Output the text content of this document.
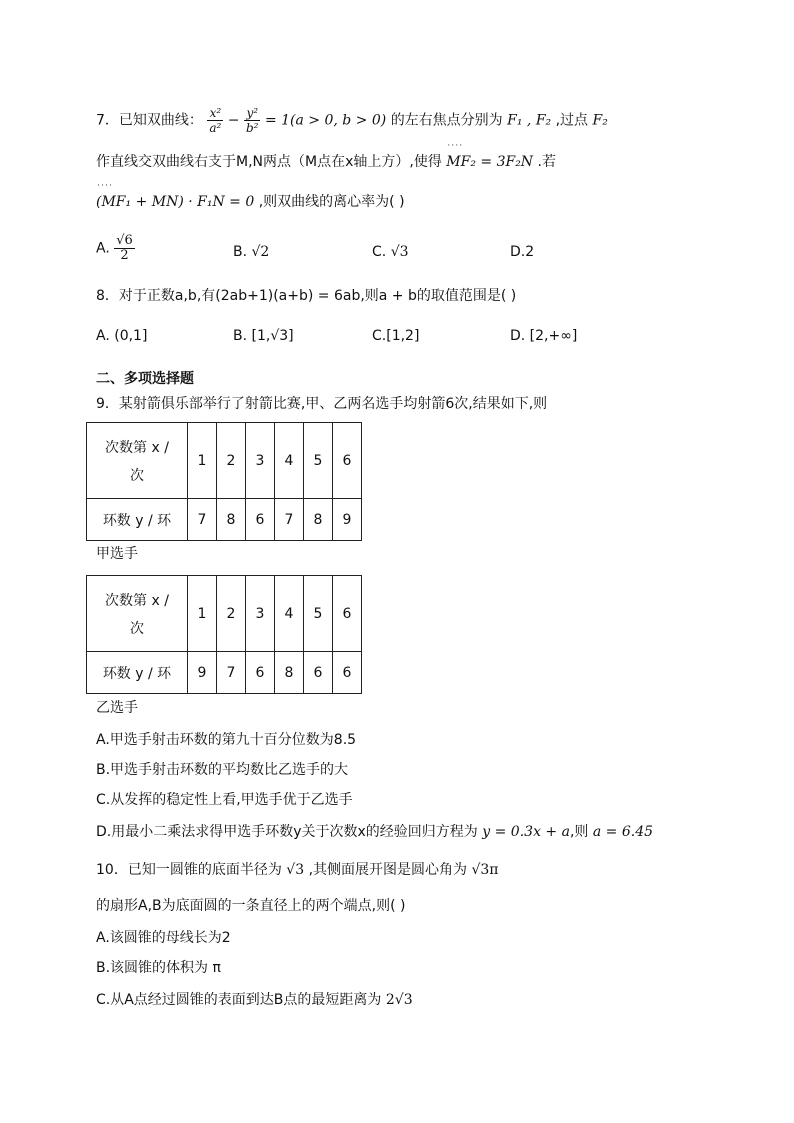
7．已知双曲线： $\frac{\text{x²}}{\text{a²}} - \frac{\text{y²}}{\text{b²}} = 1(a > 0$, b > 0) 的左右焦点分别为 F₁ , F₂ ,过点 F₂
作直线交双曲线右支于M,N两点（M点在x轴上方）,使得 ˙˙˙˙ MF₂ = 3F₂N .若
˙˙˙˙ (MF₁ + MN) · F₁N = 0 ,则双曲线的离心率为( )
A. $\frac{√6}{2}$	B. √2	C. √3	D.2
8．对于正数a,b,有(2ab+1)(a+b) = 6ab,则a + b的取值范围是( )
A. (0,1]	B. [1,√3]	C.[1,2]	D. [2,+∞]
二、多项选择题
9．某射箭俱乐部举行了射箭比赛,甲、乙两名选手均射箭6次,结果如下,则
次数第 x /
次	1	2	3	4	5	6
环数 y / 环	7	8	6	7	8	9
甲选手
次数第 x /
次	1	2	3	4	5	6
环数 y / 环	9	7	6	8	6	6
乙选手
A.甲选手射击环数的第九十百分位数为8.5
B.甲选手射击环数的平均数比乙选手的大
C.从发挥的稳定性上看,甲选手优于乙选手
D.用最小二乘法求得甲选手环数y关于次数x的经验回归方程为 y = 0.3x + a,则 a = 6.45
10．已知一圆锥的底面半径为 √3 ,其侧面展开图是圆心角为 √3π
的扇形A,B为底面圆的一条直径上的两个端点,则( )
A.该圆锥的母线长为2
B.该圆锥的体积为 π
C.从A点经过圆锥的表面到达B点的最短距离为 2√3
